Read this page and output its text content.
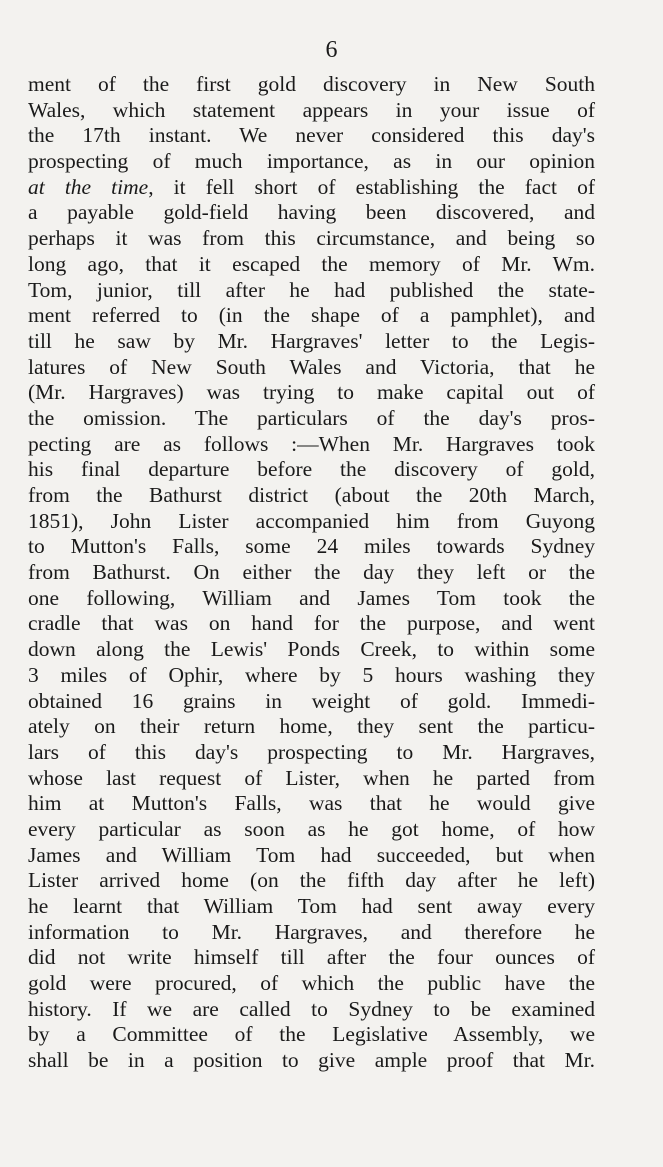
6

ment of the first gold discovery in New South
Wales, which statement appears in your issue of
the 17th instant. We never considered this day's
prospecting of much importance, as in our opinion
at the time, it fell short of establishing the fact of
a payable gold-field having been discovered, and
perhaps it was from this circumstance, and being so
long ago, that it escaped the memory of Mr. Wm.
Tom, junior, till after he had published the state-
ment referred to (in the shape of a pamphlet), and
till he saw by Mr. Hargraves' letter to the Legis-
latures of New South Wales and Victoria, that he
(Mr. Hargraves) was trying to make capital out of
the omission. The particulars of the day's pros-
pecting are as follows :—When Mr. Hargraves took
his final departure before the discovery of gold,
from the Bathurst district (about the 20th March,
1851), John Lister accompanied him from Guyong
to Mutton's Falls, some 24 miles towards Sydney
from Bathurst. On either the day they left or the
one following, William and James Tom took the
cradle that was on hand for the purpose, and went
down along the Lewis' Ponds Creek, to within some
3 miles of Ophir, where by 5 hours washing they
obtained 16 grains in weight of gold. Immedi-
ately on their return home, they sent the particu-
lars of this day's prospecting to Mr. Hargraves,
whose last request of Lister, when he parted from
him at Mutton's Falls, was that he would give
every particular as soon as he got home, of how
James and William Tom had succeeded, but when
Lister arrived home (on the fifth day after he left)
he learnt that William Tom had sent away every
information to Mr. Hargraves, and therefore he
did not write himself till after the four ounces of
gold were procured, of which the public have the
history. If we are called to Sydney to be examined
by a Committee of the Legislative Assembly, we
shall be in a position to give ample proof that Mr.
